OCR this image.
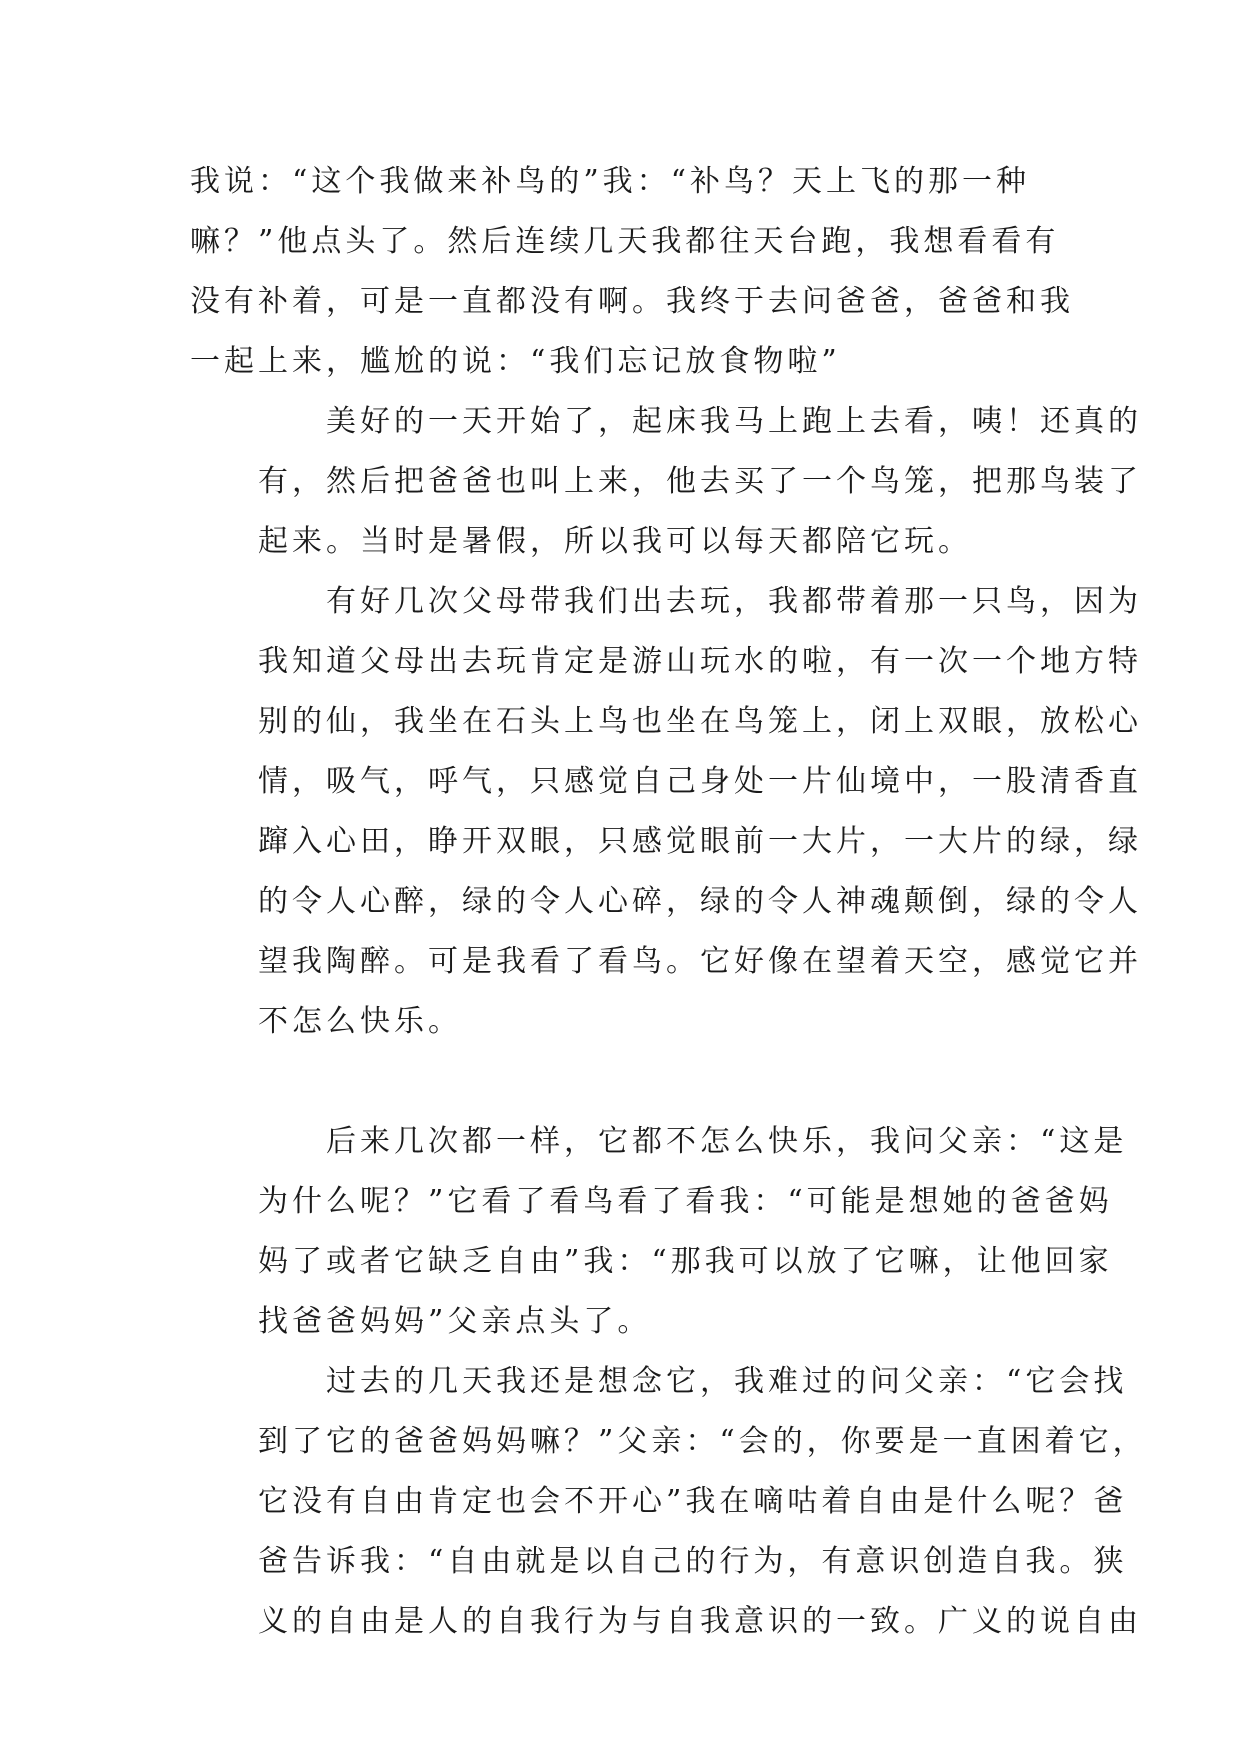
我说：“这个我做来补鸟的”我：“补鸟？天上飞的那一种
嘛？”他点头了。然后连续几天我都往天台跑，我想看看有
没有补着，可是一直都没有啊。我终于去问爸爸，爸爸和我
一起上来，尴尬的说：“我们忘记放食物啦”

美好的一天开始了，起床我马上跑上去看，咦！还真的
有，然后把爸爸也叫上来，他去买了一个鸟笼，把那鸟装了
起来。当时是暑假，所以我可以每天都陪它玩。

有好几次父母带我们出去玩，我都带着那一只鸟，因为
我知道父母出去玩肯定是游山玩水的啦，有一次一个地方特
别的仙，我坐在石头上鸟也坐在鸟笼上，闭上双眼，放松心
情，吸气，呼气，只感觉自己身处一片仙境中，一股清香直
蹿入心田，睁开双眼，只感觉眼前一大片，一大片的绿，绿
的令人心醉，绿的令人心碎，绿的令人神魂颠倒，绿的令人
望我陶醉。可是我看了看鸟。它好像在望着天空，感觉它并
不怎么快乐。

后来几次都一样，它都不怎么快乐，我问父亲：“这是
为什么呢？”它看了看鸟看了看我：“可能是想她的爸爸妈
妈了或者它缺乏自由”我：“那我可以放了它嘛，让他回家
找爸爸妈妈”父亲点头了。

过去的几天我还是想念它，我难过的问父亲：“它会找
到了它的爸爸妈妈嘛？”父亲：“会的，你要是一直困着它，
它没有自由肯定也会不开心”我在嘀咕着自由是什么呢？爸
爸告诉我：“自由就是以自己的行为，有意识创造自我。狭
义的自由是人的自我行为与自我意识的一致。广义的说自由
